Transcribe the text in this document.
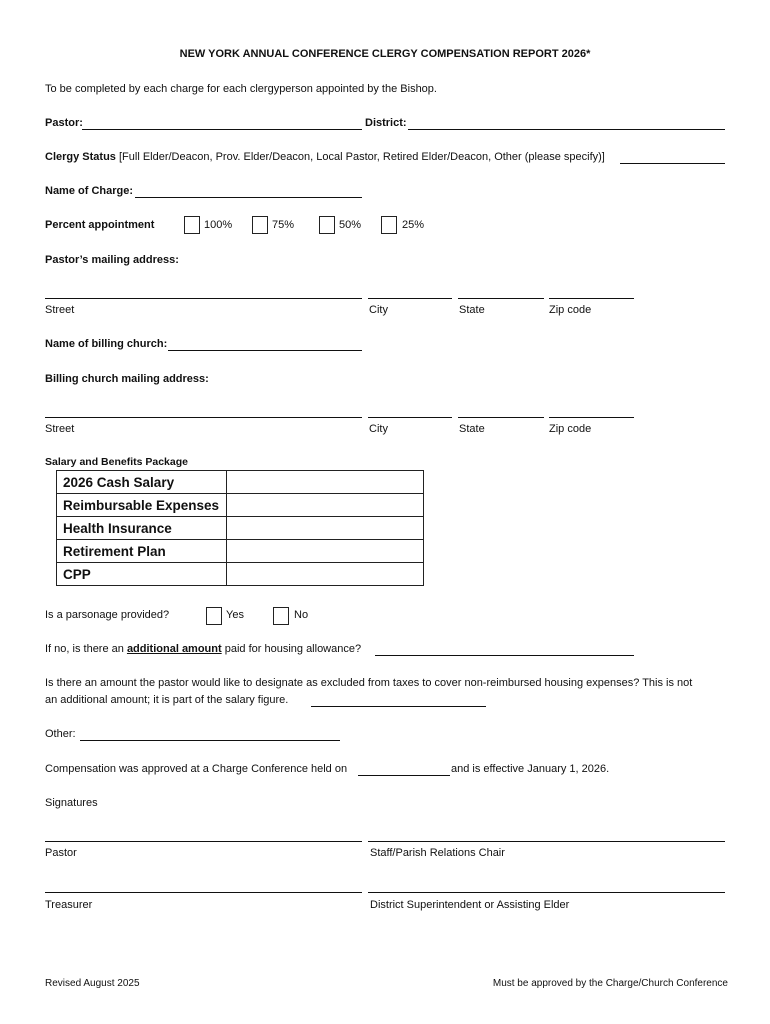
NEW YORK ANNUAL CONFERENCE CLERGY COMPENSATION REPORT 2026*
To be completed by each charge for each clergyperson appointed by the Bishop.
Pastor:	District:
Clergy Status [Full Elder/Deacon, Prov. Elder/Deacon, Local Pastor, Retired Elder/Deacon, Other (please specify)]
Name of Charge:
Percent appointment	100%	75%	50%	25%
Pastor’s mailing address:
Street	City	State	Zip code
Name of billing church:
Billing church mailing address:
Street	City	State	Zip code
Salary and Benefits Package
2026 Cash Salary	
Reimbursable Expenses	
Health Insurance	
Retirement Plan	
CPP	
Is a parsonage provided?	Yes	No
If no, is there an additional amount paid for housing allowance?
Is there an amount the pastor would like to designate as excluded from taxes to cover non-reimbursed housing expenses? This is not
an additional amount; it is part of the salary figure.
Other:
Compensation was approved at a Charge Conference held on	and is effective January 1, 2026.
Signatures
Pastor	Staff/Parish Relations Chair
Treasurer	District Superintendent or Assisting Elder
Revised August 2025	Must be approved by the Charge/Church Conference
